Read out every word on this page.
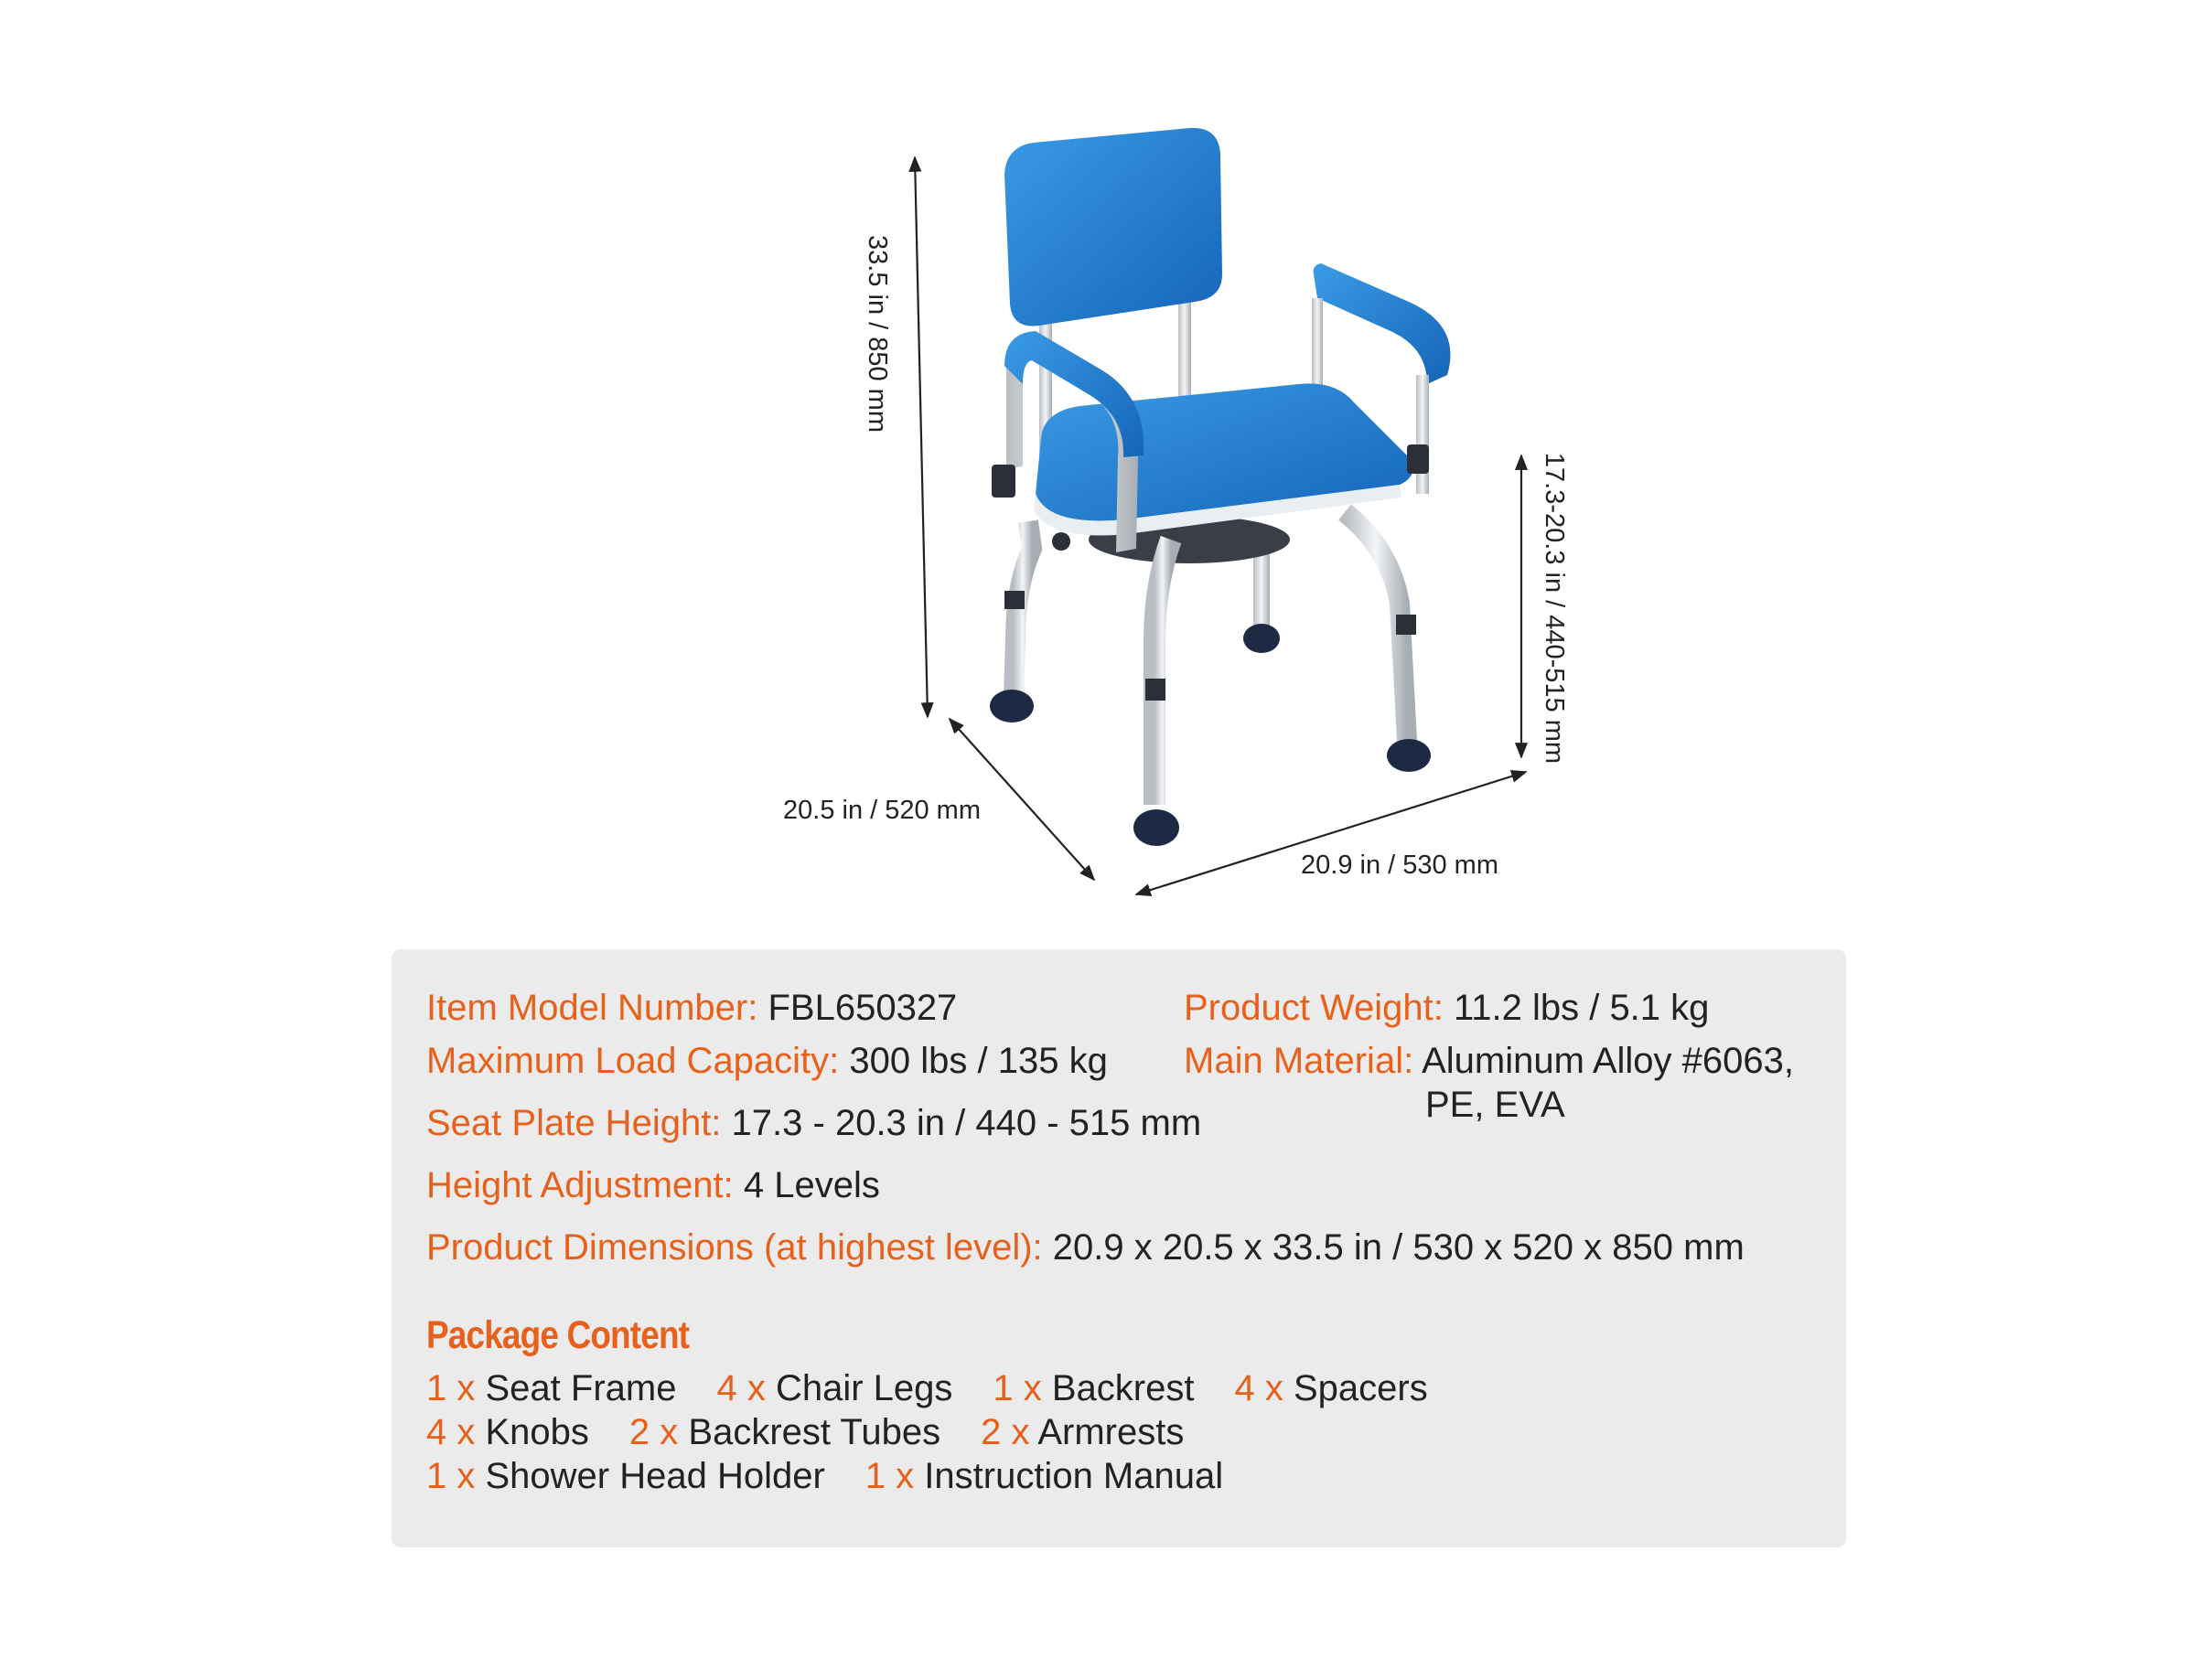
33.5 in / 850 mm
17.3-20.3 in / 440-515 mm
20.5 in / 520 mm
20.9 in / 530 mm
Item Model Number: FBL650327
Maximum Load Capacity: 300 lbs / 135 kg
Seat Plate Height: 17.3 - 20.3 in / 440 - 515 mm
Height Adjustment: 4 Levels
Product Dimensions (at highest level): 20.9 x 20.5 x 33.5 in / 530 x 520 x 850 mm
Product Weight: 11.2 lbs / 5.1 kg
Main Material: Aluminum Alloy #6063,
PE, EVA
Package Content
1 x Seat Frame 4 x Chair Legs 1 x Backrest 4 x Spacers
4 x Knobs 2 x Backrest Tubes 2 x Armrests
1 x Shower Head Holder 1 x Instruction Manual
